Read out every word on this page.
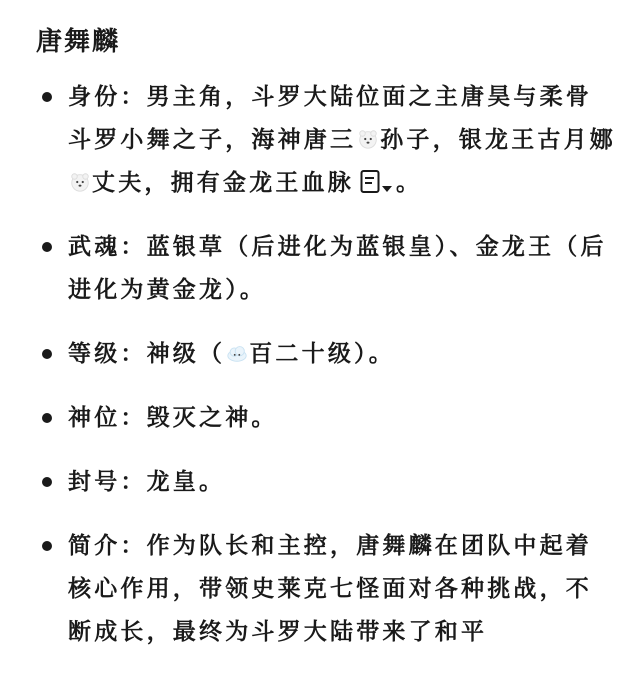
唐舞麟
身份：男主角，斗罗大陆位面之主唐昊与柔骨斗罗小舞之子，海神唐三 孙子，银龙王古月娜丈夫，拥有金龙王血脉 。
武魂：蓝银草（后进化为蓝银皇）、金龙王（后进化为黄金龙）。
等级：神级（ 百二十级）。
神位：毁灭之神。
封号：龙皇。
简介：作为队长和主控，唐舞麟在团队中起着核心作用，带领史莱克七怪面对各种挑战，不断成长，最终为斗罗大陆带来了和平
